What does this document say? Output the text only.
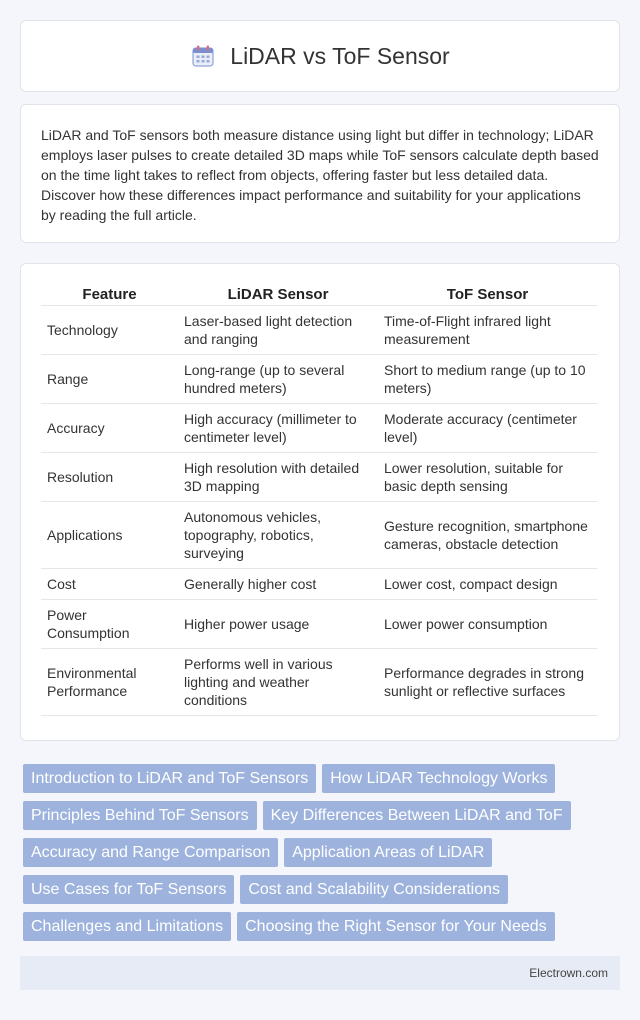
LiDAR vs ToF Sensor

LiDAR and ToF sensors both measure distance using light but differ in technology; LiDAR employs laser pulses to create detailed 3D maps while ToF sensors calculate depth based on the time light takes to reflect from objects, offering faster but less detailed data. Discover how these differences impact performance and suitability for your applications by reading the full article.

Feature	LiDAR Sensor	ToF Sensor
Technology	Laser-based light detection and ranging	Time-of-Flight infrared light measurement
Range	Long-range (up to several hundred meters)	Short to medium range (up to 10 meters)
Accuracy	High accuracy (millimeter to centimeter level)	Moderate accuracy (centimeter level)
Resolution	High resolution with detailed 3D mapping	Lower resolution, suitable for basic depth sensing
Applications	Autonomous vehicles, topography, robotics, surveying	Gesture recognition, smartphone cameras, obstacle detection
Cost	Generally higher cost	Lower cost, compact design
Power Consumption	Higher power usage	Lower power consumption
Environmental Performance	Performs well in various lighting and weather conditions	Performance degrades in strong sunlight or reflective surfaces
Introduction to LiDAR and ToF Sensors	How LiDAR Technology Works
Principles Behind ToF Sensors	Key Differences Between LiDAR and ToF
Accuracy and Range Comparison	Application Areas of LiDAR
Use Cases for ToF Sensors	Cost and Scalability Considerations
Challenges and Limitations	Choosing the Right Sensor for Your Needs
Electrown.com
